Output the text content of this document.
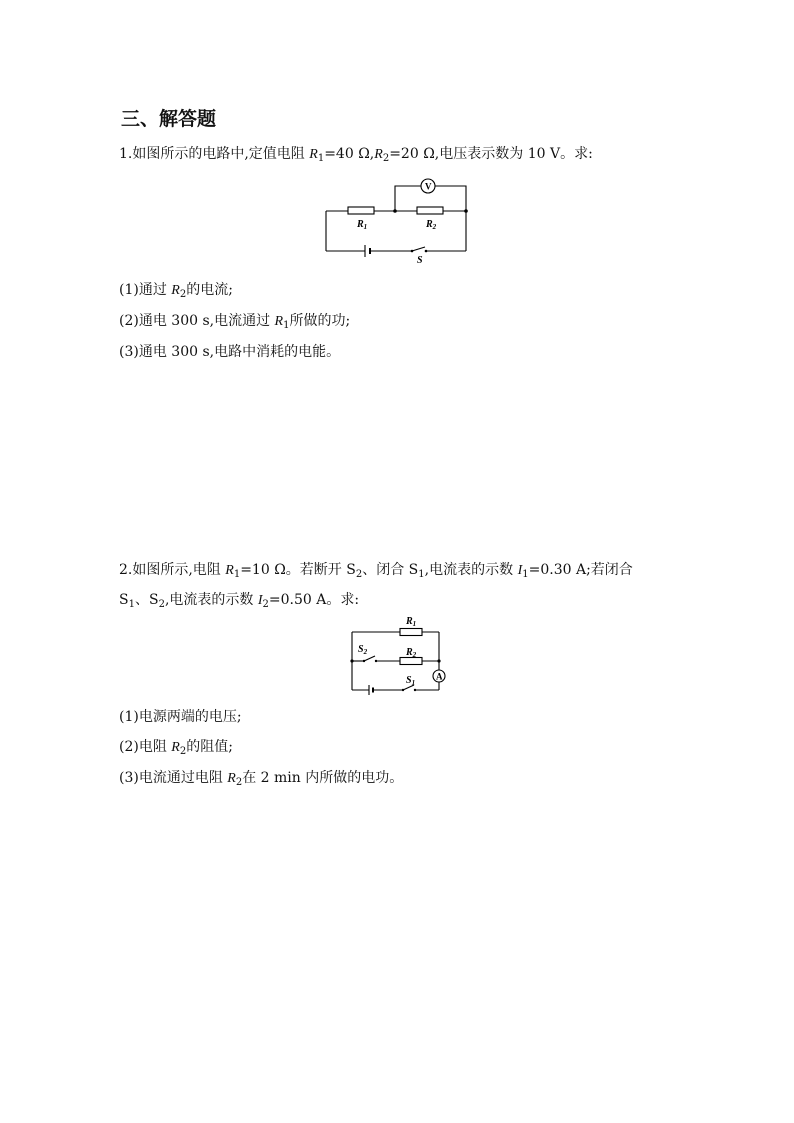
三、解答题
1.如图所示的电路中,定值电阻 $R_1=40$ $\Omega,R_2=20$ Ω,电压表示数为 10 V。求:
V
$R_1$	$R_2$
S
(1)通过 $R_2$的电流;
(2)通电 300 s,电流通过 $R_1$所做的功;
(3)通电 300 s,电路中消耗的电能。
2.如图所示,电阻 $R_1=10$ Ω。若断开 $S_2$、闭合 $S_1$,电流表的示数 $I_1=0.30$ A;若闭合
$S_1$、$S_2$,电流表的示数 $I_2=0.50$ A。求:
A
$R_1$
$R_2$
$S_2$
$S_1$
(1)电源两端的电压;
(2)电阻 $R_2$的阻值;
(3)电流通过电阻 $R_2$在 2 min 内所做的电功。
